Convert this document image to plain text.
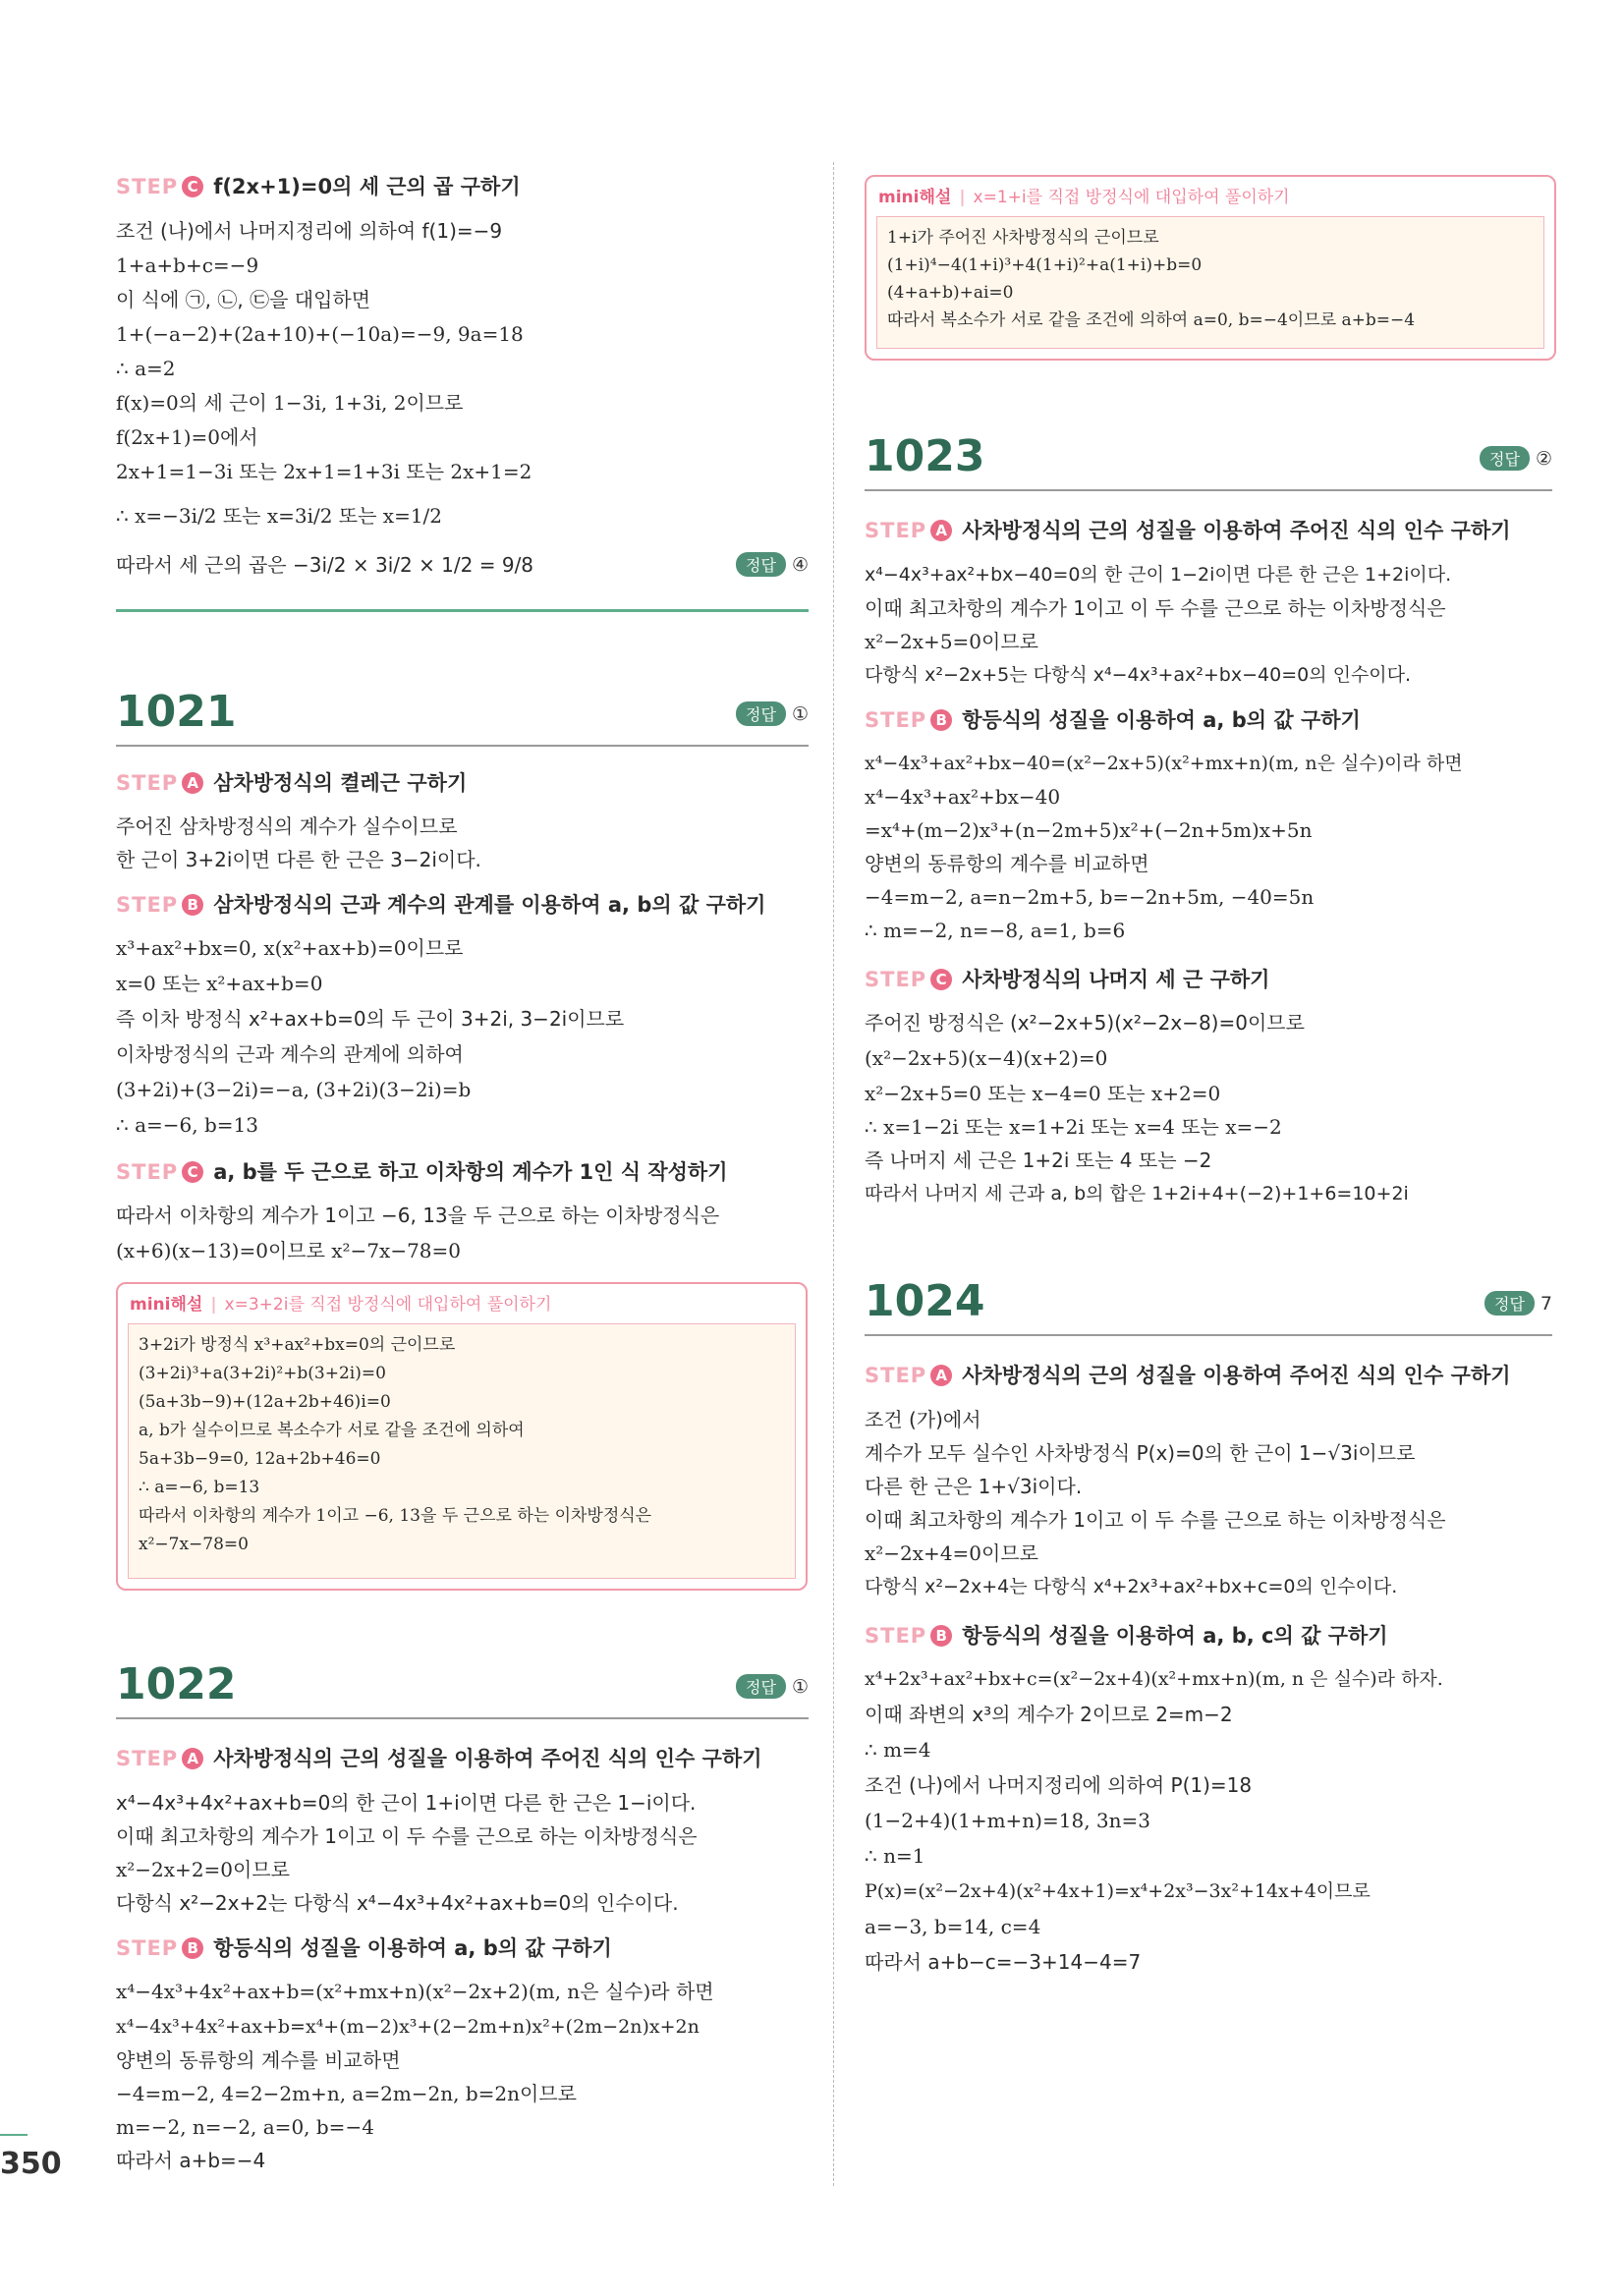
STEP C f(2x+1)=0의 세 근의 곱 구하기
조건 (나)에서 나머지정리에 의하여 f(1)=−9
1+a+b+c=−9
이 식에 ㉠, ㉡, ㉢을 대입하면
1+(−a−2)+(2a+10)+(−10a)=−9, 9a=18
∴ a=2
f(x)=0의 세 근이 1−3i, 1+3i, 2이므로
f(2x+1)=0에서
2x+1=1−3i 또는 2x+1=1+3i 또는 2x+1=2
∴ x=−3i/2 또는 x=3i/2 또는 x=1/2
따라서 세 근의 곱은 −3i/2 × 3i/2 × 1/2 = 9/8	정답 ④
1021	정답 ①
STEP A 삼차방정식의 켤레근 구하기
주어진 삼차방정식의 계수가 실수이므로
한 근이 3+2i이면 다른 한 근은 3−2i이다.
STEP B 삼차방정식의 근과 계수의 관계를 이용하여 a, b의 값 구하기
x³+ax²+bx=0, x(x²+ax+b)=0이므로
x=0 또는 x²+ax+b=0
즉 이차 방정식 x²+ax+b=0의 두 근이 3+2i, 3−2i이므로
이차방정식의 근과 계수의 관계에 의하여
(3+2i)+(3−2i)=−a, (3+2i)(3−2i)=b
∴ a=−6, b=13
STEP C a, b를 두 근으로 하고 이차항의 계수가 1인 식 작성하기
따라서 이차항의 계수가 1이고 −6, 13을 두 근으로 하는 이차방정식은
(x+6)(x−13)=0이므로 x²−7x−78=0
mini해설 | x=3+2i를 직접 방정식에 대입하여 풀이하기
3+2i가 방정식 x³+ax²+bx=0의 근이므로
(3+2i)³+a(3+2i)²+b(3+2i)=0
(5a+3b−9)+(12a+2b+46)i=0
a, b가 실수이므로 복소수가 서로 같을 조건에 의하여
5a+3b−9=0, 12a+2b+46=0
∴ a=−6, b=13
따라서 이차항의 계수가 1이고 −6, 13을 두 근으로 하는 이차방정식은
x²−7x−78=0
1022	정답 ①
STEP A 사차방정식의 근의 성질을 이용하여 주어진 식의 인수 구하기
x⁴−4x³+4x²+ax+b=0의 한 근이 1+i이면 다른 한 근은 1−i이다.
이때 최고차항의 계수가 1이고 이 두 수를 근으로 하는 이차방정식은
x²−2x+2=0이므로
다항식 x²−2x+2는 다항식 x⁴−4x³+4x²+ax+b=0의 인수이다.
STEP B 항등식의 성질을 이용하여 a, b의 값 구하기
x⁴−4x³+4x²+ax+b=(x²+mx+n)(x²−2x+2)(m, n은 실수)라 하면
x⁴−4x³+4x²+ax+b=x⁴+(m−2)x³+(2−2m+n)x²+(2m−2n)x+2n
양변의 동류항의 계수를 비교하면
−4=m−2, 4=2−2m+n, a=2m−2n, b=2n이므로
m=−2, n=−2, a=0, b=−4
따라서 a+b=−4
350
mini해설 | x=1+i를 직접 방정식에 대입하여 풀이하기
1+i가 주어진 사차방정식의 근이므로
(1+i)⁴−4(1+i)³+4(1+i)²+a(1+i)+b=0
(4+a+b)+ai=0
따라서 복소수가 서로 같을 조건에 의하여 a=0, b=−4이므로 a+b=−4
1023	정답 ②
STEP A 사차방정식의 근의 성질을 이용하여 주어진 식의 인수 구하기
x⁴−4x³+ax²+bx−40=0의 한 근이 1−2i이면 다른 한 근은 1+2i이다.
이때 최고차항의 계수가 1이고 이 두 수를 근으로 하는 이차방정식은
x²−2x+5=0이므로
다항식 x²−2x+5는 다항식 x⁴−4x³+ax²+bx−40=0의 인수이다.
STEP B 항등식의 성질을 이용하여 a, b의 값 구하기
x⁴−4x³+ax²+bx−40=(x²−2x+5)(x²+mx+n)(m, n은 실수)이라 하면
x⁴−4x³+ax²+bx−40
=x⁴+(m−2)x³+(n−2m+5)x²+(−2n+5m)x+5n
양변의 동류항의 계수를 비교하면
−4=m−2, a=n−2m+5, b=−2n+5m, −40=5n
∴ m=−2, n=−8, a=1, b=6
STEP C 사차방정식의 나머지 세 근 구하기
주어진 방정식은 (x²−2x+5)(x²−2x−8)=0이므로
(x²−2x+5)(x−4)(x+2)=0
x²−2x+5=0 또는 x−4=0 또는 x+2=0
∴ x=1−2i 또는 x=1+2i 또는 x=4 또는 x=−2
즉 나머지 세 근은 1+2i 또는 4 또는 −2
따라서 나머지 세 근과 a, b의 합은 1+2i+4+(−2)+1+6=10+2i
1024	정답 7
STEP A 사차방정식의 근의 성질을 이용하여 주어진 식의 인수 구하기
조건 (가)에서
계수가 모두 실수인 사차방정식 P(x)=0의 한 근이 1−√3i이므로
다른 한 근은 1+√3i이다.
이때 최고차항의 계수가 1이고 이 두 수를 근으로 하는 이차방정식은
x²−2x+4=0이므로
다항식 x²−2x+4는 다항식 x⁴+2x³+ax²+bx+c=0의 인수이다.
STEP B 항등식의 성질을 이용하여 a, b, c의 값 구하기
x⁴+2x³+ax²+bx+c=(x²−2x+4)(x²+mx+n)(m, n 은 실수)라 하자.
이때 좌변의 x³의 계수가 2이므로 2=m−2
∴ m=4
조건 (나)에서 나머지정리에 의하여 P(1)=18
(1−2+4)(1+m+n)=18, 3n=3
∴ n=1
P(x)=(x²−2x+4)(x²+4x+1)=x⁴+2x³−3x²+14x+4이므로
a=−3, b=14, c=4
따라서 a+b−c=−3+14−4=7
